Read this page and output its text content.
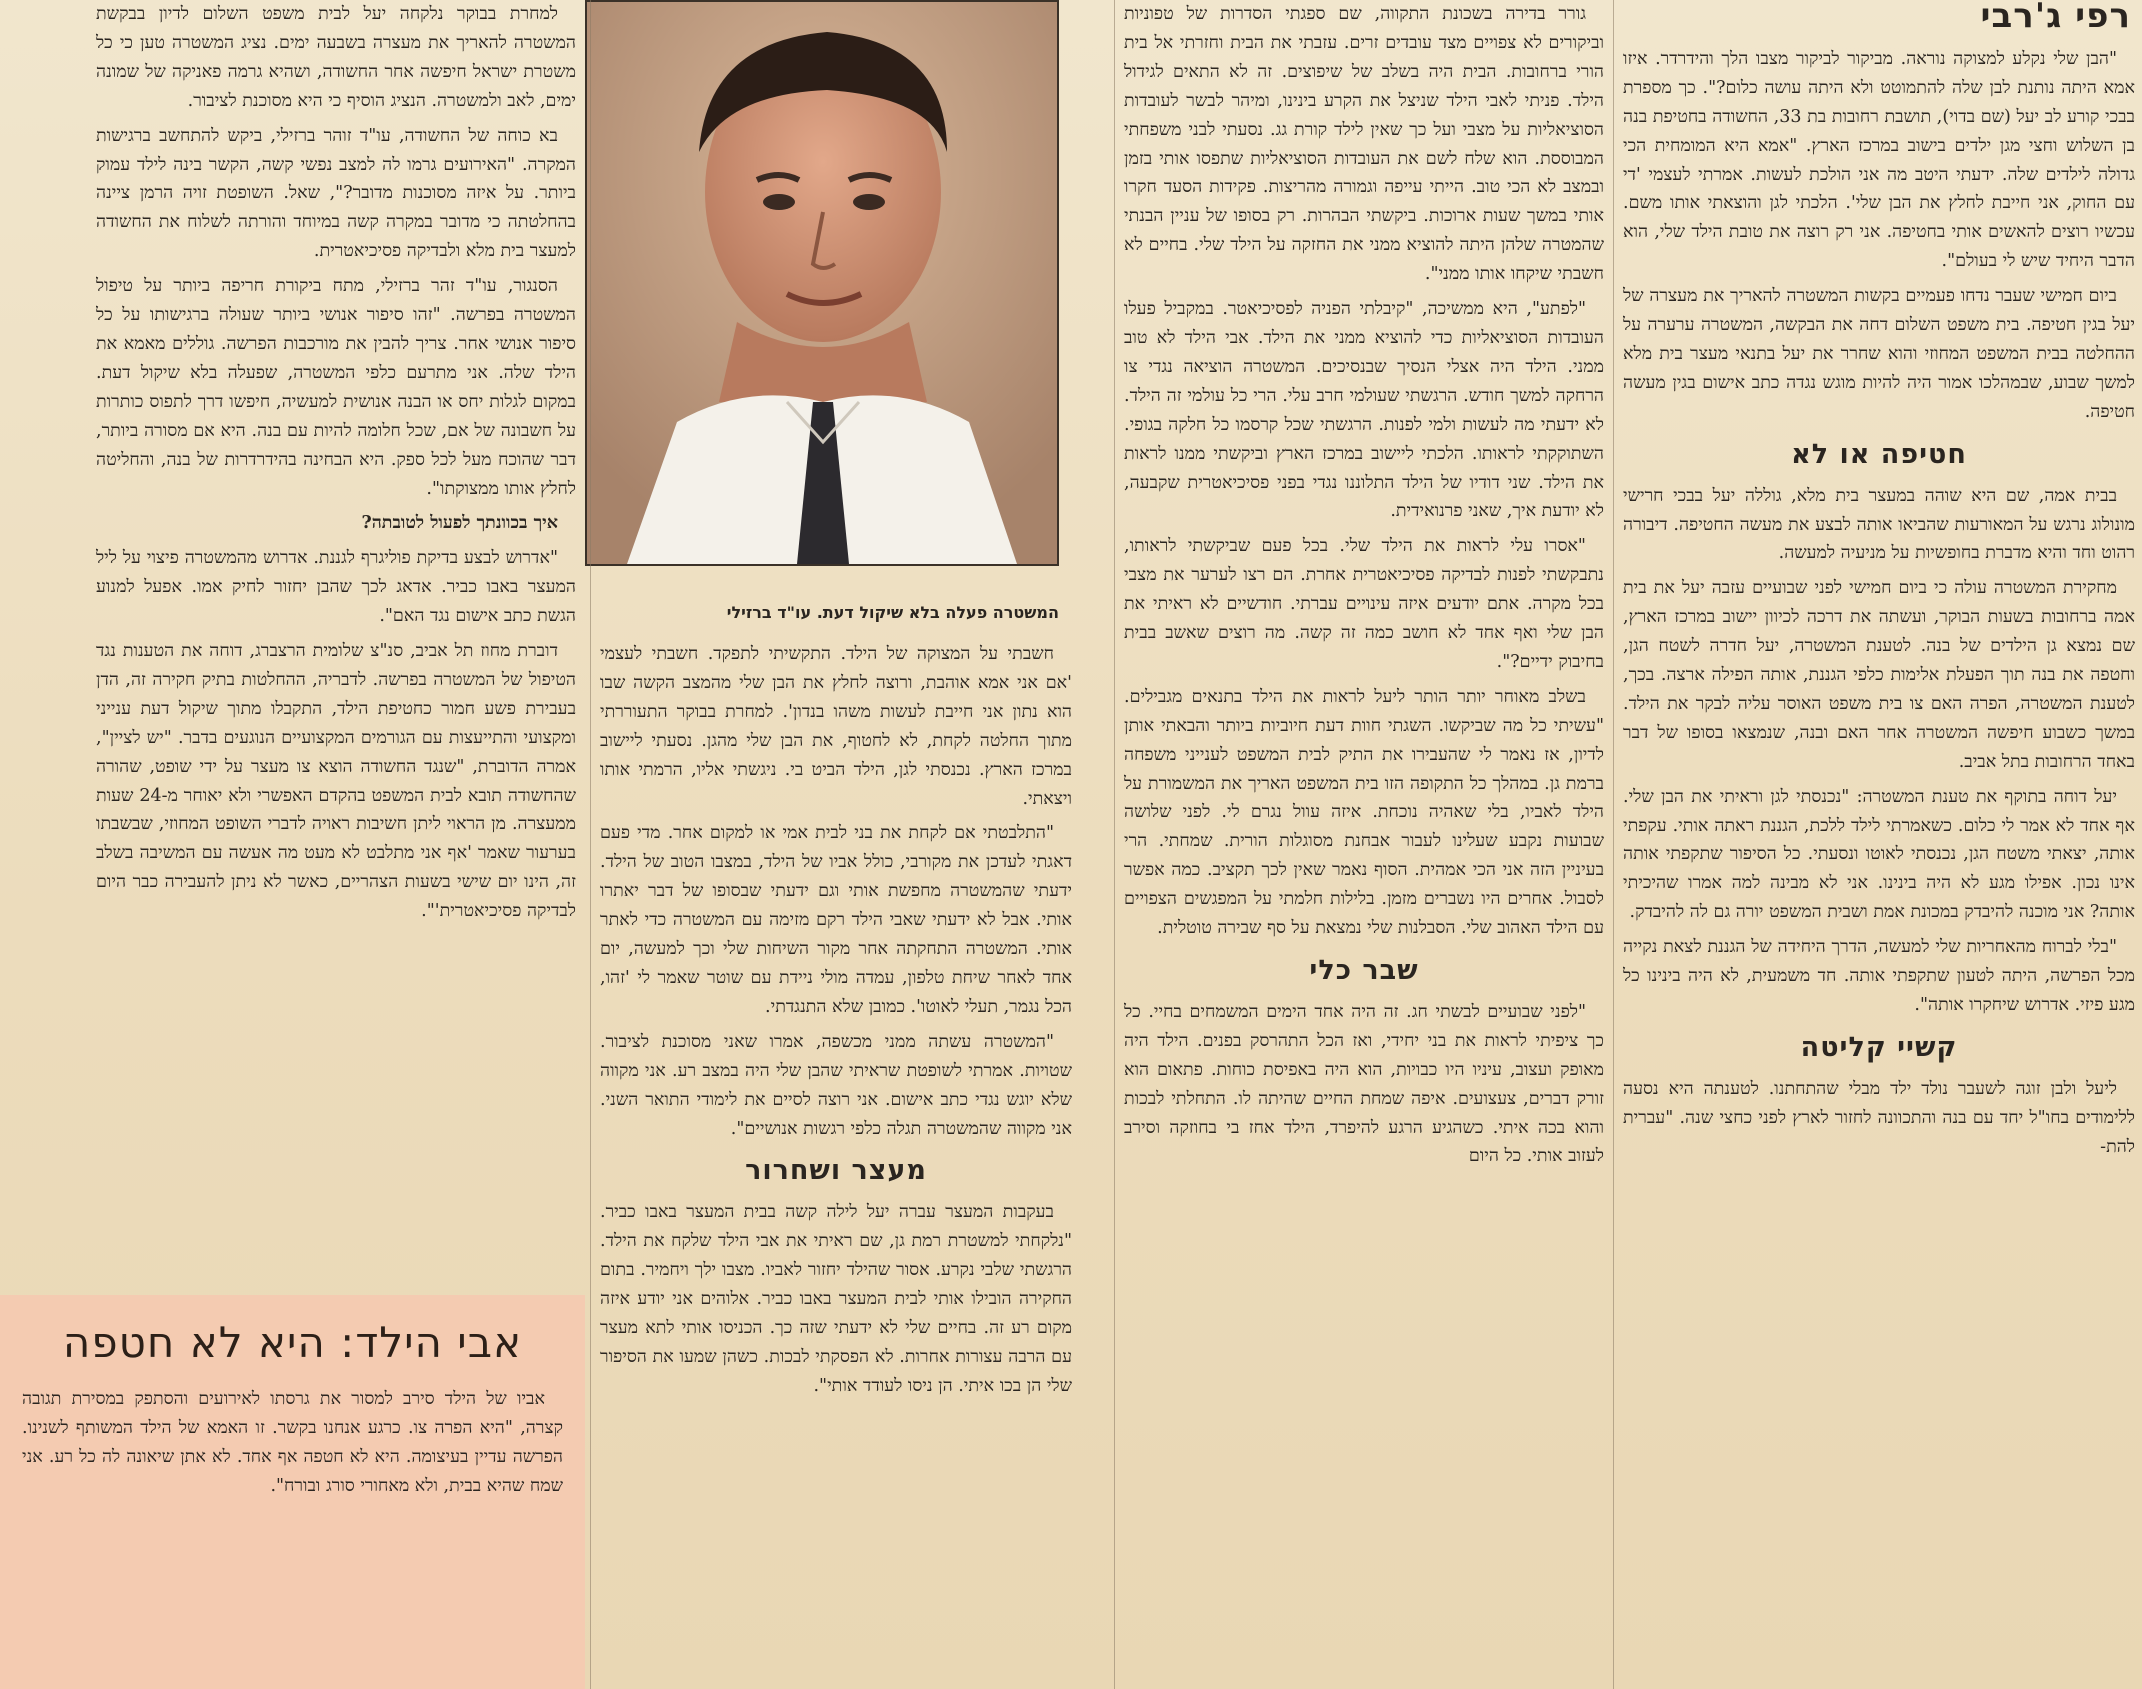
רפי ג'רבי

"הבן שלי נקלע למצוקה נוראה. מביקור לביקור מצבו הלך והידרדר. איזו אמא היתה נותנת לבן שלה להתמוטט ולא היתה עושה כלום?". כך מספרת בבכי קורע לב יעל (שם בדוי), תושבת רחובות בת 33, החשודה בחטיפת בנה בן השלוש וחצי מגן ילדים בישוב במרכז הארץ. "אמא היא המומחית הכי גדולה לילדים שלה. ידעתי היטב מה אני הולכת לעשות. אמרתי לעצמי 'די עם החוק, אני חייבת לחלץ את הבן שלי'. הלכתי לגן והוצאתי אותו משם. עכשיו רוצים להאשים אותי בחטיפה. אני רק רוצה את טובת הילד שלי, הוא הדבר היחיד שיש לי בעולם".

ביום חמישי שעבר נדחו פעמיים בקשות המשטרה להאריך את מעצרה של יעל בגין חטיפה. בית משפט השלום דחה את הבקשה, המשטרה ערערה על ההחלטה בבית המשפט המחוזי והוא שחרר את יעל בתנאי מעצר בית מלא למשך שבוע, שבמהלכו אמור היה להיות מוגש נגדה כתב אישום בגין מעשה חטיפה.

חטיפה או לא

בבית אמה, שם היא שוהה במעצר בית מלא, גוללה יעל בבכי חרישי מונולוג נרגש על המאורעות שהביאו אותה לבצע את מעשה החטיפה. דיבורה רהוט וחד והיא מדברת בחופשיות על מניעיה למעשה.

מחקירת המשטרה עולה כי ביום חמישי לפני שבועיים עזבה יעל את בית אמה ברחובות בשעות הבוקר, ועשתה את דרכה לכיוון יישוב במרכז הארץ, שם נמצא גן הילדים של בנה. לטענת המשטרה, יעל חדרה לשטח הגן, וחטפה את בנה תוך הפעלת אלימות כלפי הגננת, אותה הפילה ארצה. בכך, לטענת המשטרה, הפרה האם צו בית משפט האוסר עליה לבקר את הילד. במשך כשבוע חיפשה המשטרה אחר האם ובנה, שנמצאו בסופו של דבר באחד הרחובות בתל אביב.

יעל דוחה בתוקף את טענת המשטרה: "נכנסתי לגן וראיתי את הבן שלי. אף אחד לא אמר לי כלום. כשאמרתי לילד ללכת, הגננת ראתה אותי. עקפתי אותה, יצאתי משטח הגן, נכנסתי לאוטו ונסעתי. כל הסיפור שתקפתי אותה אינו נכון. אפילו מגע לא היה בינינו. אני לא מבינה למה אמרו שהיכיתי אותה? אני מוכנה להיבדק במכונת אמת ושבית המשפט יורה גם לה להיבדק.

"בלי לברוח מהאחריות שלי למעשה, הדרך היחידה של הגננת לצאת נקייה מכל הפרשה, היתה לטעון שתקפתי אותה. חד משמעית, לא היה בינינו כל מגע פיזי. אדרוש שיחקרו אותה".

קשיי קליטה

ליעל ולבן זוגה לשעבר נולד ילד מבלי שהתחתנו. לטענתה היא נסעה ללימודים בחו"ל יחד עם בנה והתכוונה לחזור לארץ לפני כחצי שנה. "עברית להת-

גורר בדירה בשכונת התקווה, שם ספגתי הסדרות של טפוניות וביקורים לא צפויים מצד עובדים זרים. עזבתי את הבית וחזרתי אל בית הורי ברחובות. הבית היה בשלב של שיפוצים. זה לא התאים לגידול הילד. פניתי לאבי הילד שניצל את הקרע בינינו, ומיהר לבשר לעובדות הסוציאליות על מצבי ועל כך שאין לילד קורת גג. נסעתי לבני משפחתי המבוססת. הוא שלח לשם את העובדות הסוציאליות שתפסו אותי בזמן ובמצב לא הכי טוב. הייתי עייפה וגמורה מהריצות. פקידות הסעד חקרו אותי במשך שעות ארוכות. ביקשתי הבהרות. רק בסופו של עניין הבנתי שהמטרה שלהן היתה להוציא ממני את החזקה על הילד שלי. בחיים לא חשבתי שיקחו אותו ממני".

"לפתע", היא ממשיכה, "קיבלתי הפניה לפסיכיאטר. במקביל פעלו העובדות הסוציאליות כדי להוציא ממני את הילד. אבי הילד לא טוב ממני. הילד היה אצלי הנסיך שבנסיכים. המשטרה הוציאה נגדי צו הרחקה למשך חודש. הרגשתי שעולמי חרב עלי. הרי כל עולמי זה הילד. לא ידעתי מה לעשות ולמי לפנות. הרגשתי שכל קרסמו כל חלקה בגופי. השתוקקתי לראותו. הלכתי ליישוב במרכז הארץ וביקשתי ממנו לראות את הילד. שני דודיו של הילד התלוננו נגדי בפני פסיכיאטרית שקבעה, לא יודעת איך, שאני פרנואידית.

"אסרו עלי לראות את הילד שלי. בכל פעם שביקשתי לראותו, נתבקשתי לפנות לבדיקה פסיכיאטרית אחרת. הם רצו לערער את מצבי בכל מקרה. אתם יודעים איזה עינויים עברתי. חודשיים לא ראיתי את הבן שלי ואף אחד לא חושב כמה זה קשה. מה רוצים שאשב בבית בחיבוק ידיים?".

בשלב מאוחר יותר הותר ליעל לראות את הילד בתנאים מגבילים. "עשיתי כל מה שביקשו. השגתי חוות דעת חיוביות ביותר והבאתי אותן לדיון, אז נאמר לי שהעבירו את התיק לבית המשפט לענייני משפחה ברמת גן. במהלך כל התקופה הזו בית המשפט האריך את המשמורת על הילד לאביו, בלי שאהיה נוכחת. איזה עוול נגרם לי. לפני שלושה שבועות נקבע שעלינו לעבור אבחנת מסוגלות הורית. שמחתי. הרי בעיניין הזה אני הכי אמהית. הסוף נאמר שאין לכך תקציב. כמה אפשר לסבול. אחרים היו נשברים מזמן. בלילות חלמתי על המפגשים הצפויים עם הילד האהוב שלי. הסבלנות שלי נמצאת על סף שבירה טוטלית.

שבר כלי

"לפני שבועיים לבשתי חג. זה היה אחד הימים המשמחים בחיי. כל כך ציפיתי לראות את בני יחידי, ואז הכל התהרסק בפנים. הילד היה מאופק ועצוב, עיניו היו כבויות, הוא היה באפיסת כוחות. פתאום הוא זורק דברים, צעצועים. איפה שמחת החיים שהיתה לו. התחלתי לבכות והוא בכה איתי. כשהגיע הרגע להיפרד, הילד אחז בי בחוזקה וסירב לעזוב אותי. כל היום

המשטרה פעלה בלא שיקול דעת. עו"ד ברזילי

חשבתי על המצוקה של הילד. התקשיתי לתפקד. חשבתי לעצמי 'אם אני אמא אוהבת, ורוצה לחלץ את הבן שלי מהמצב הקשה שבו הוא נתון אני חייבת לעשות משהו בנדון'. למחרת בבוקר התעוררתי מתוך החלטה לקחת, לא לחטוף, את הבן שלי מהגן. נסעתי ליישוב במרכז הארץ. נכנסתי לגן, הילד הביט בי. ניגשתי אליו, הרמתי אותו ויצאתי.

"התלבטתי אם לקחת את בני לבית אמי או למקום אחר. מדי פעם דאגתי לעדכן את מקורבי, כולל אביו של הילד, במצבו הטוב של הילד. ידעתי שהמשטרה מחפשת אותי וגם ידעתי שבסופו של דבר יאתרו אותי. אבל לא ידעתי שאבי הילד רקם מזימה עם המשטרה כדי לאתר אותי. המשטרה התחקתה אחר מקור השיחות שלי וכך למעשה, יום אחד לאחר שיחת טלפון, עמדה מולי ניידת עם שוטר שאמר לי 'זהו, הכל נגמר, תעלי לאוטו'. כמובן שלא התנגדתי.

"המשטרה עשתה ממני מכשפה, אמרו שאני מסוכנת לציבור. שטויות. אמרתי לשופטת שראיתי שהבן שלי היה במצב רע. אני מקווה שלא יוגש נגדי כתב אישום. אני רוצה לסיים את לימודי התואר השני. אני מקווה שהמשטרה תגלה כלפי רגשות אנושיים".

מעצר ושחרור

בעקבות המעצר עברה יעל לילה קשה בבית המעצר באבו כביר. "נלקחתי למשטרת רמת גן, שם ראיתי את אבי הילד שלקח את הילד. הרגשתי שלבי נקרע. אסור שהילד יחזור לאביו. מצבו ילך ויחמיר. בתום החקירה הובילו אותי לבית המעצר באבו כביר. אלוהים אני יודע איזה מקום רע זה. בחיים שלי לא ידעתי שזה כך. הכניסו אותי לתא מעצר עם הרבה עצורות אחרות. לא הפסקתי לבכות. כשהן שמעו את הסיפור שלי הן בכו איתי. הן ניסו לעודד אותי".

למחרת בבוקר נלקחה יעל לבית משפט השלום לדיון בבקשת המשטרה להאריך את מעצרה בשבעה ימים. נציג המשטרה טען כי כל משטרת ישראל חיפשה אחר החשודה, ושהיא גרמה פאניקה של שמונה ימים, לאב ולמשטרה. הנציג הוסיף כי היא מסוכנת לציבור.

בא כוחה של החשודה, עו"ד זוהר ברזילי, ביקש להתחשב ברגישות המקרה. "האירועים גרמו לה למצב נפשי קשה, הקשר בינה לילד עמוק ביותר. על איזה מסוכנות מדובר?", שאל. השופטת זויה הרמן ציינה בהחלטתה כי מדובר במקרה קשה במיוחד והורתה לשלוח את החשודה למעצר בית מלא ולבדיקה פסיכיאטרית.

הסנגור, עו"ד זהר ברזילי, מתח ביקורת חריפה ביותר על טיפול המשטרה בפרשה. "זהו סיפור אנושי ביותר שעולה ברגישותו על כל סיפור אנושי אחר. צריך להבין את מורכבות הפרשה. גוללים מאמא את הילד שלה. אני מתרעם כלפי המשטרה, שפעלה בלא שיקול דעת. במקום לגלות יחס או הבנה אנושית למעשיה, חיפשו דרך לתפוס כותרות על חשבונה של אם, שכל חלומה להיות עם בנה. היא אם מסורה ביותר, דבר שהוכח מעל לכל ספק. היא הבחינה בהידרדרות של בנה, והחליטה לחלץ אותו ממצוקתו".

איך בכוונתך לפעול לטובתה?

"אדרוש לבצע בדיקת פוליגרף לגננת. אדרוש מהמשטרה פיצוי על ליל המעצר באבו כביר. אדאג לכך שהבן יחזור לחיק אמו. אפעל למנוע הגשת כתב אישום נגד האם".

דוברת מחוז תל אביב, סנ"צ שלומית הרצברג, דוחה את הטענות נגד הטיפול של המשטרה בפרשה. לדבריה, ההחלטות בתיק חקירה זה, הדן בעבירת פשע חמור כחטיפת הילד, התקבלו מתוך שיקול דעת ענייני ומקצועי והתייעצות עם הגורמים המקצועיים הנוגעים בדבר. "יש לציין", אמרה הדוברת, "שנגד החשודה הוצא צו מעצר על ידי שופט, שהורה שהחשודה תובא לבית המשפט בהקדם האפשרי ולא יאוחר מ-24 שעות ממעצרה. מן הראוי ליתן חשיבות ראויה לדברי השופט המחוזי, שבשבתו בערעור שאמר 'אף אני מתלבט לא מעט מה אעשה עם המשיבה בשלב זה, הינו יום שישי בשעות הצהריים, כאשר לא ניתן להעבירה כבר היום לבדיקה פסיכיאטרית'".

אבי הילד: היא לא חטפה

אביו של הילד סירב למסור את גרסתו לאירועים והסתפק במסירת תגובה קצרה, "היא הפרה צו. כרגע אנחנו בקשר. זו האמא של הילד המשותף לשנינו. הפרשה עדיין בעיצומה. היא לא חטפה אף אחד. לא אתן שיאונה לה כל רע. אני שמח שהיא בבית, ולא מאחורי סורג ובורח".
